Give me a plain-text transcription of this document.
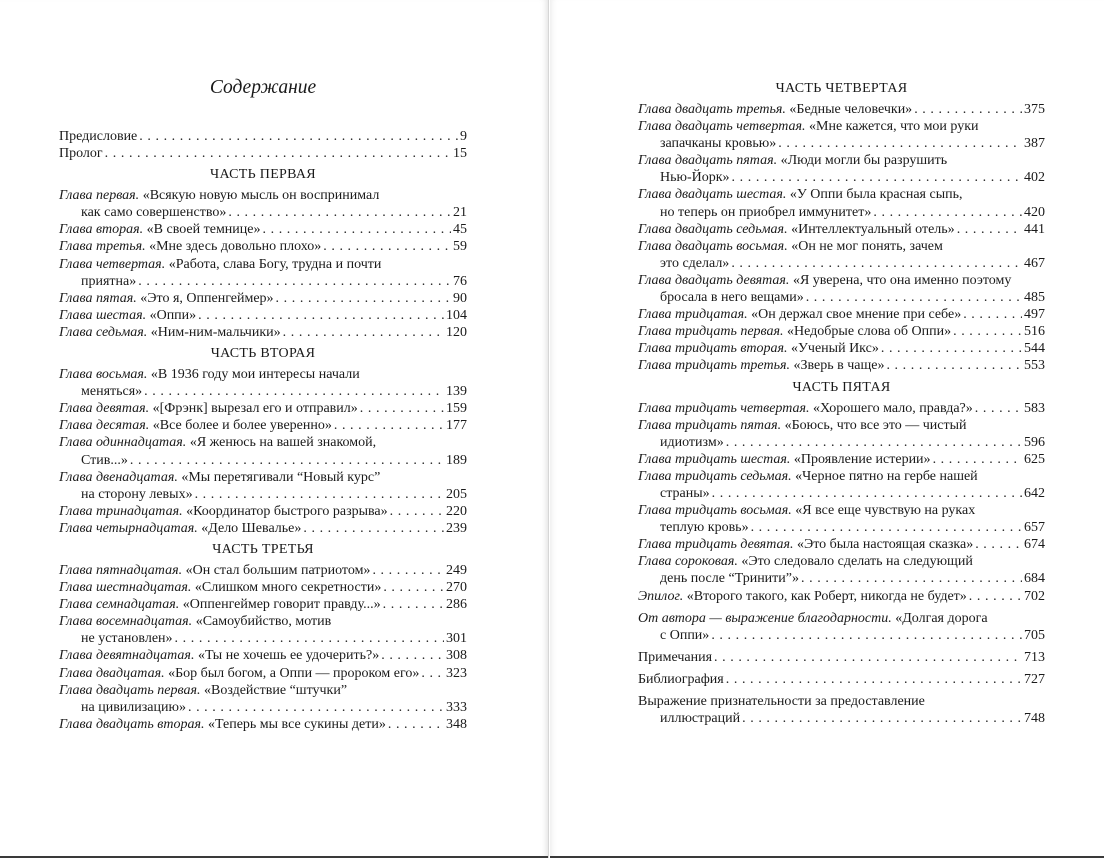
Содержание
Предисловие . . .	9
Пролог . . .	15
ЧАСТЬ ПЕРВАЯ
Глава первая. «Всякую новую мысль он воспринимал
как само совершенство» . . .	21
Глава вторая. «В своей темнице» . . .	45
Глава третья. «Мне здесь довольно плохо» . . .	59
Глава четвертая. «Работа, слава Богу, трудна и почти
приятна» . . .	76
Глава пятая. «Это я, Оппенгеймер» . . .	90
Глава шестая. «Оппи» . . .	104
Глава седьмая. «Ним-ним-мальчики» . . .	120
ЧАСТЬ ВТОРАЯ
Глава восьмая. «В 1936 году мои интересы начали
меняться» . . .	139
Глава девятая. «[Фрэнк] вырезал его и отправил» . . .	159
Глава десятая. «Все более и более уверенно» . . .	177
Глава одиннадцатая. «Я женюсь на вашей знакомой,
Стив...» . . .	189
Глава двенадцатая. «Мы перетягивали “Новый курс”
на сторону левых» . . .	205
Глава тринадцатая. «Координатор быстрого разрыва» . . .	220
Глава четырнадцатая. «Дело Шевалье» . . .	239
ЧАСТЬ ТРЕТЬЯ
Глава пятнадцатая. «Он стал большим патриотом» . . .	249
Глава шестнадцатая. «Слишком много секретности» . . .	270
Глава семнадцатая. «Оппенгеймер говорит правду...» . . .	286
Глава восемнадцатая. «Самоубийство, мотив
не установлен» . . .	301
Глава девятнадцатая. «Ты не хочешь ее удочерить?» . . .	308
Глава двадцатая. «Бор был богом, а Оппи — пророком его» . . . 323
Глава двадцать первая. «Воздействие “штучки”
на цивилизацию» . . .	333
Глава двадцать вторая. «Теперь мы все сукины дети» . . .	348
ЧАСТЬ ЧЕТВЕРТАЯ
Глава двадцать третья. «Бедные человечки» . . .	375
Глава двадцать четвертая. «Мне кажется, что мои руки
запачканы кровью» . . .	387
Глава двадцать пятая. «Люди могли бы разрушить
Нью-Йорк» . . .	402
Глава двадцать шестая. «У Оппи была красная сыпь,
но теперь он приобрел иммунитет» . . .	420
Глава двадцать седьмая. «Интеллектуальный отель» . . .	441
Глава двадцать восьмая. «Он не мог понять, зачем
это сделал» . . .	467
Глава двадцать девятая. «Я уверена, что она именно поэтому
бросала в него вещами» . . .	485
Глава тридцатая. «Он держал свое мнение при себе» . . .	497
Глава тридцать первая. «Недобрые слова об Оппи» . . .	516
Глава тридцать вторая. «Ученый Икс» . . .	544
Глава тридцать третья. «Зверь в чаще» . . .	553
ЧАСТЬ ПЯТАЯ
Глава тридцать четвертая. «Хорошего мало, правда?» . . .	583
Глава тридцать пятая. «Боюсь, что все это — чистый
идиотизм» . . .	596
Глава тридцать шестая. «Проявление истерии» . . .	625
Глава тридцать седьмая. «Черное пятно на гербе нашей
страны» . . .	642
Глава тридцать восьмая. «Я все еще чувствую на руках
теплую кровь» . . .	657
Глава тридцать девятая. «Это была настоящая сказка» . . .	674
Глава сороковая. «Это следовало сделать на следующий
день после “Тринити”» . . .	684
Эпилог. «Второго такого, как Роберт, никогда не будет» . . .	702
От автора — выражение благодарности. «Долгая дорога
с Оппи» . . .	705
Примечания . . .	713
Библиография . . .	727
Выражение признательности за предоставление
иллюстраций . . .	748
